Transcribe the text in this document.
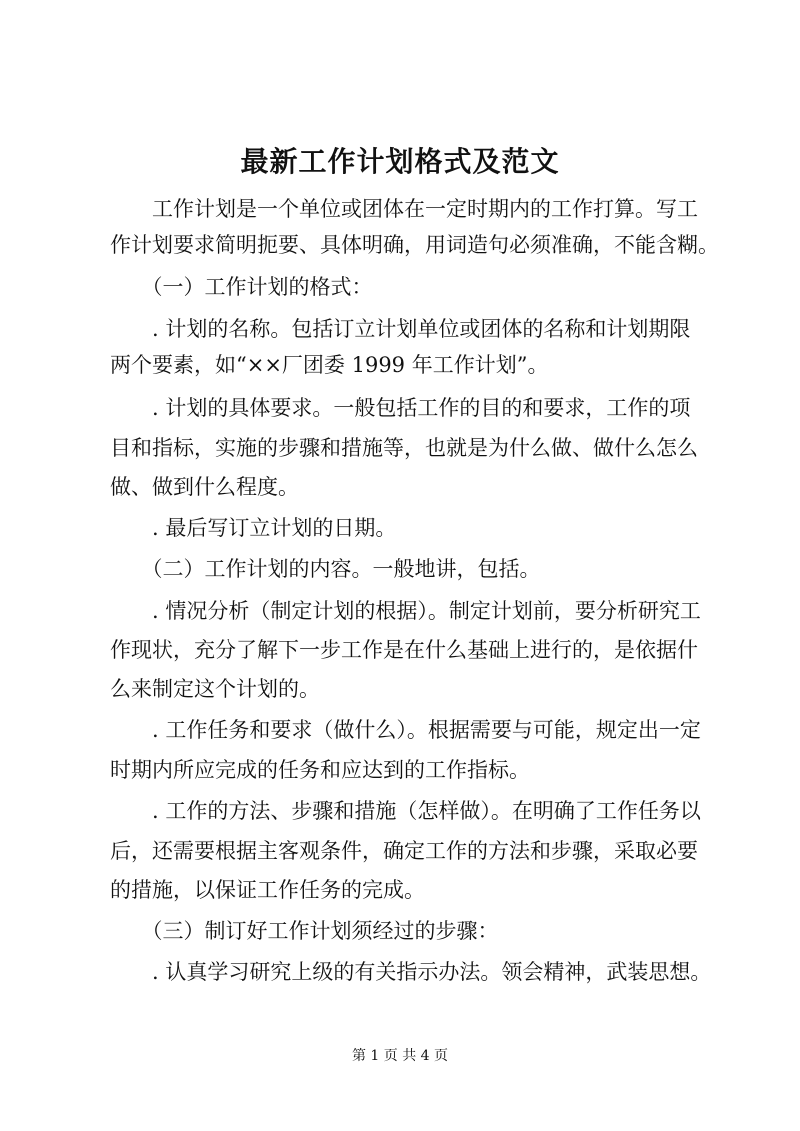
最新工作计划格式及范文
　　工作计划是一个单位或团体在一定时期内的工作打算。写工
作计划要求简明扼要、具体明确，用词造句必须准确，不能含糊。
　　（一）工作计划的格式：
　　. 计划的名称。包括订立计划单位或团体的名称和计划期限
两个要素，如“××厂团委 1999 年工作计划”。
　　. 计划的具体要求。一般包括工作的目的和要求，工作的项
目和指标，实施的步骤和措施等，也就是为什么做、做什么怎么
做、做到什么程度。
　　. 最后写订立计划的日期。
　　（二）工作计划的内容。一般地讲，包括。
　　. 情况分析（制定计划的根据）。制定计划前，要分析研究工
作现状，充分了解下一步工作是在什么基础上进行的，是依据什
么来制定这个计划的。
　　. 工作任务和要求（做什么）。根据需要与可能，规定出一定
时期内所应完成的任务和应达到的工作指标。
　　. 工作的方法、步骤和措施（怎样做）。在明确了工作任务以
后，还需要根据主客观条件，确定工作的方法和步骤，采取必要
的措施，以保证工作任务的完成。
　　（三）制订好工作计划须经过的步骤：
　　. 认真学习研究上级的有关指示办法。领会精神，武装思想。
第 1 页 共 4 页
